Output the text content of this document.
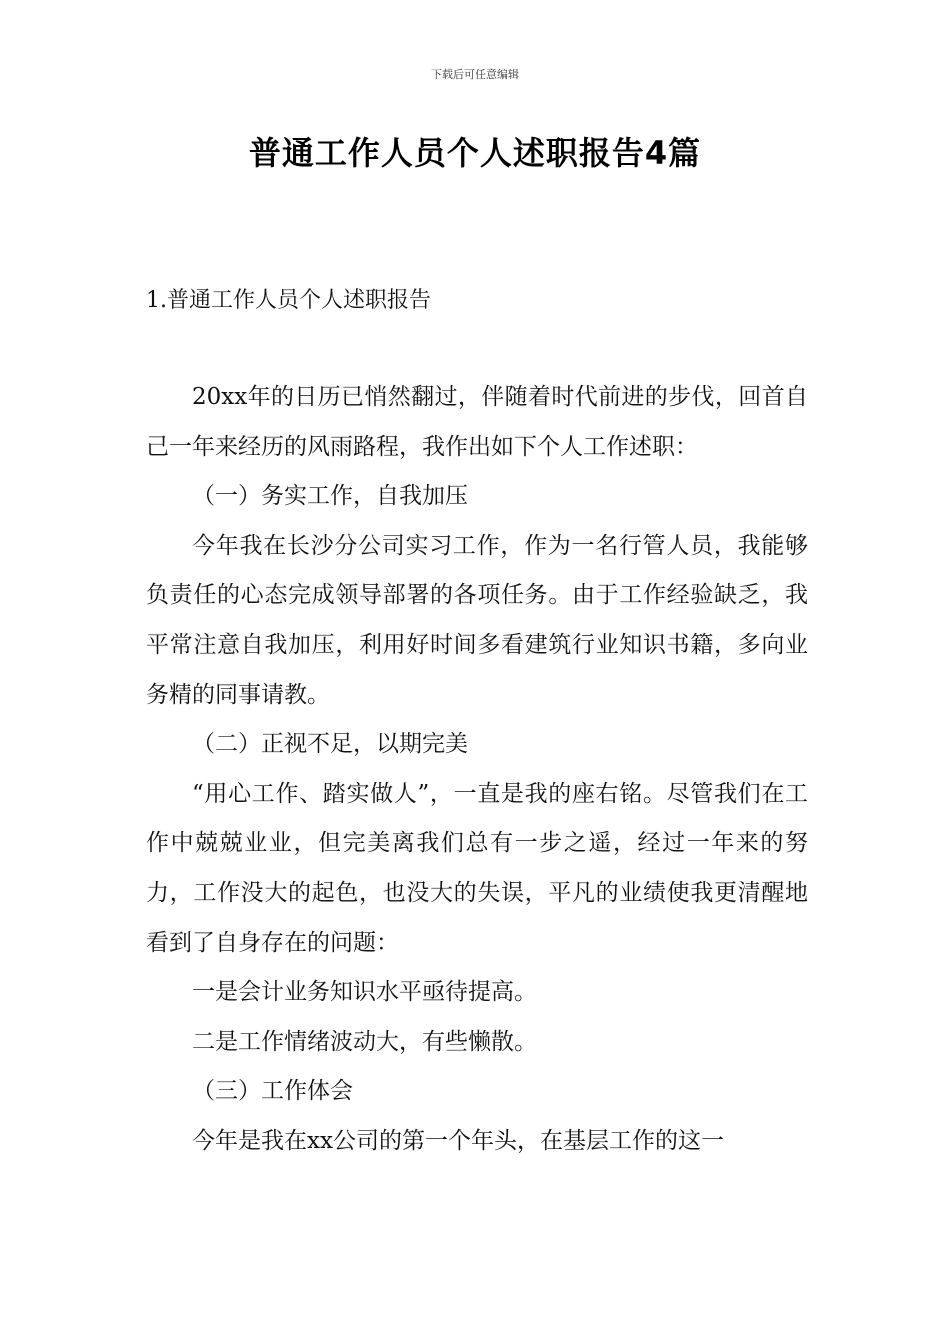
下载后可任意编辑
普通工作人员个人述职报告4篇
1.普通工作人员个人述职报告

20xx年的日历已悄然翻过，伴随着时代前进的步伐，回首自己一年来经历的风雨路程，我作出如下个人工作述职：

（一）务实工作，自我加压

今年我在长沙分公司实习工作，作为一名行管人员，我能够负责任的心态完成领导部署的各项任务。由于工作经验缺乏，我平常注意自我加压，利用好时间多看建筑行业知识书籍，多向业务精的同事请教。

（二）正视不足，以期完美

“用心工作、踏实做人”，一直是我的座右铭。尽管我们在工作中兢兢业业，但完美离我们总有一步之遥，经过一年来的努力，工作没大的起色，也没大的失误，平凡的业绩使我更清醒地看到了自身存在的问题：

一是会计业务知识水平亟待提高。

二是工作情绪波动大，有些懒散。

（三）工作体会

今年是我在xx公司的第一个年头，在基层工作的这一
